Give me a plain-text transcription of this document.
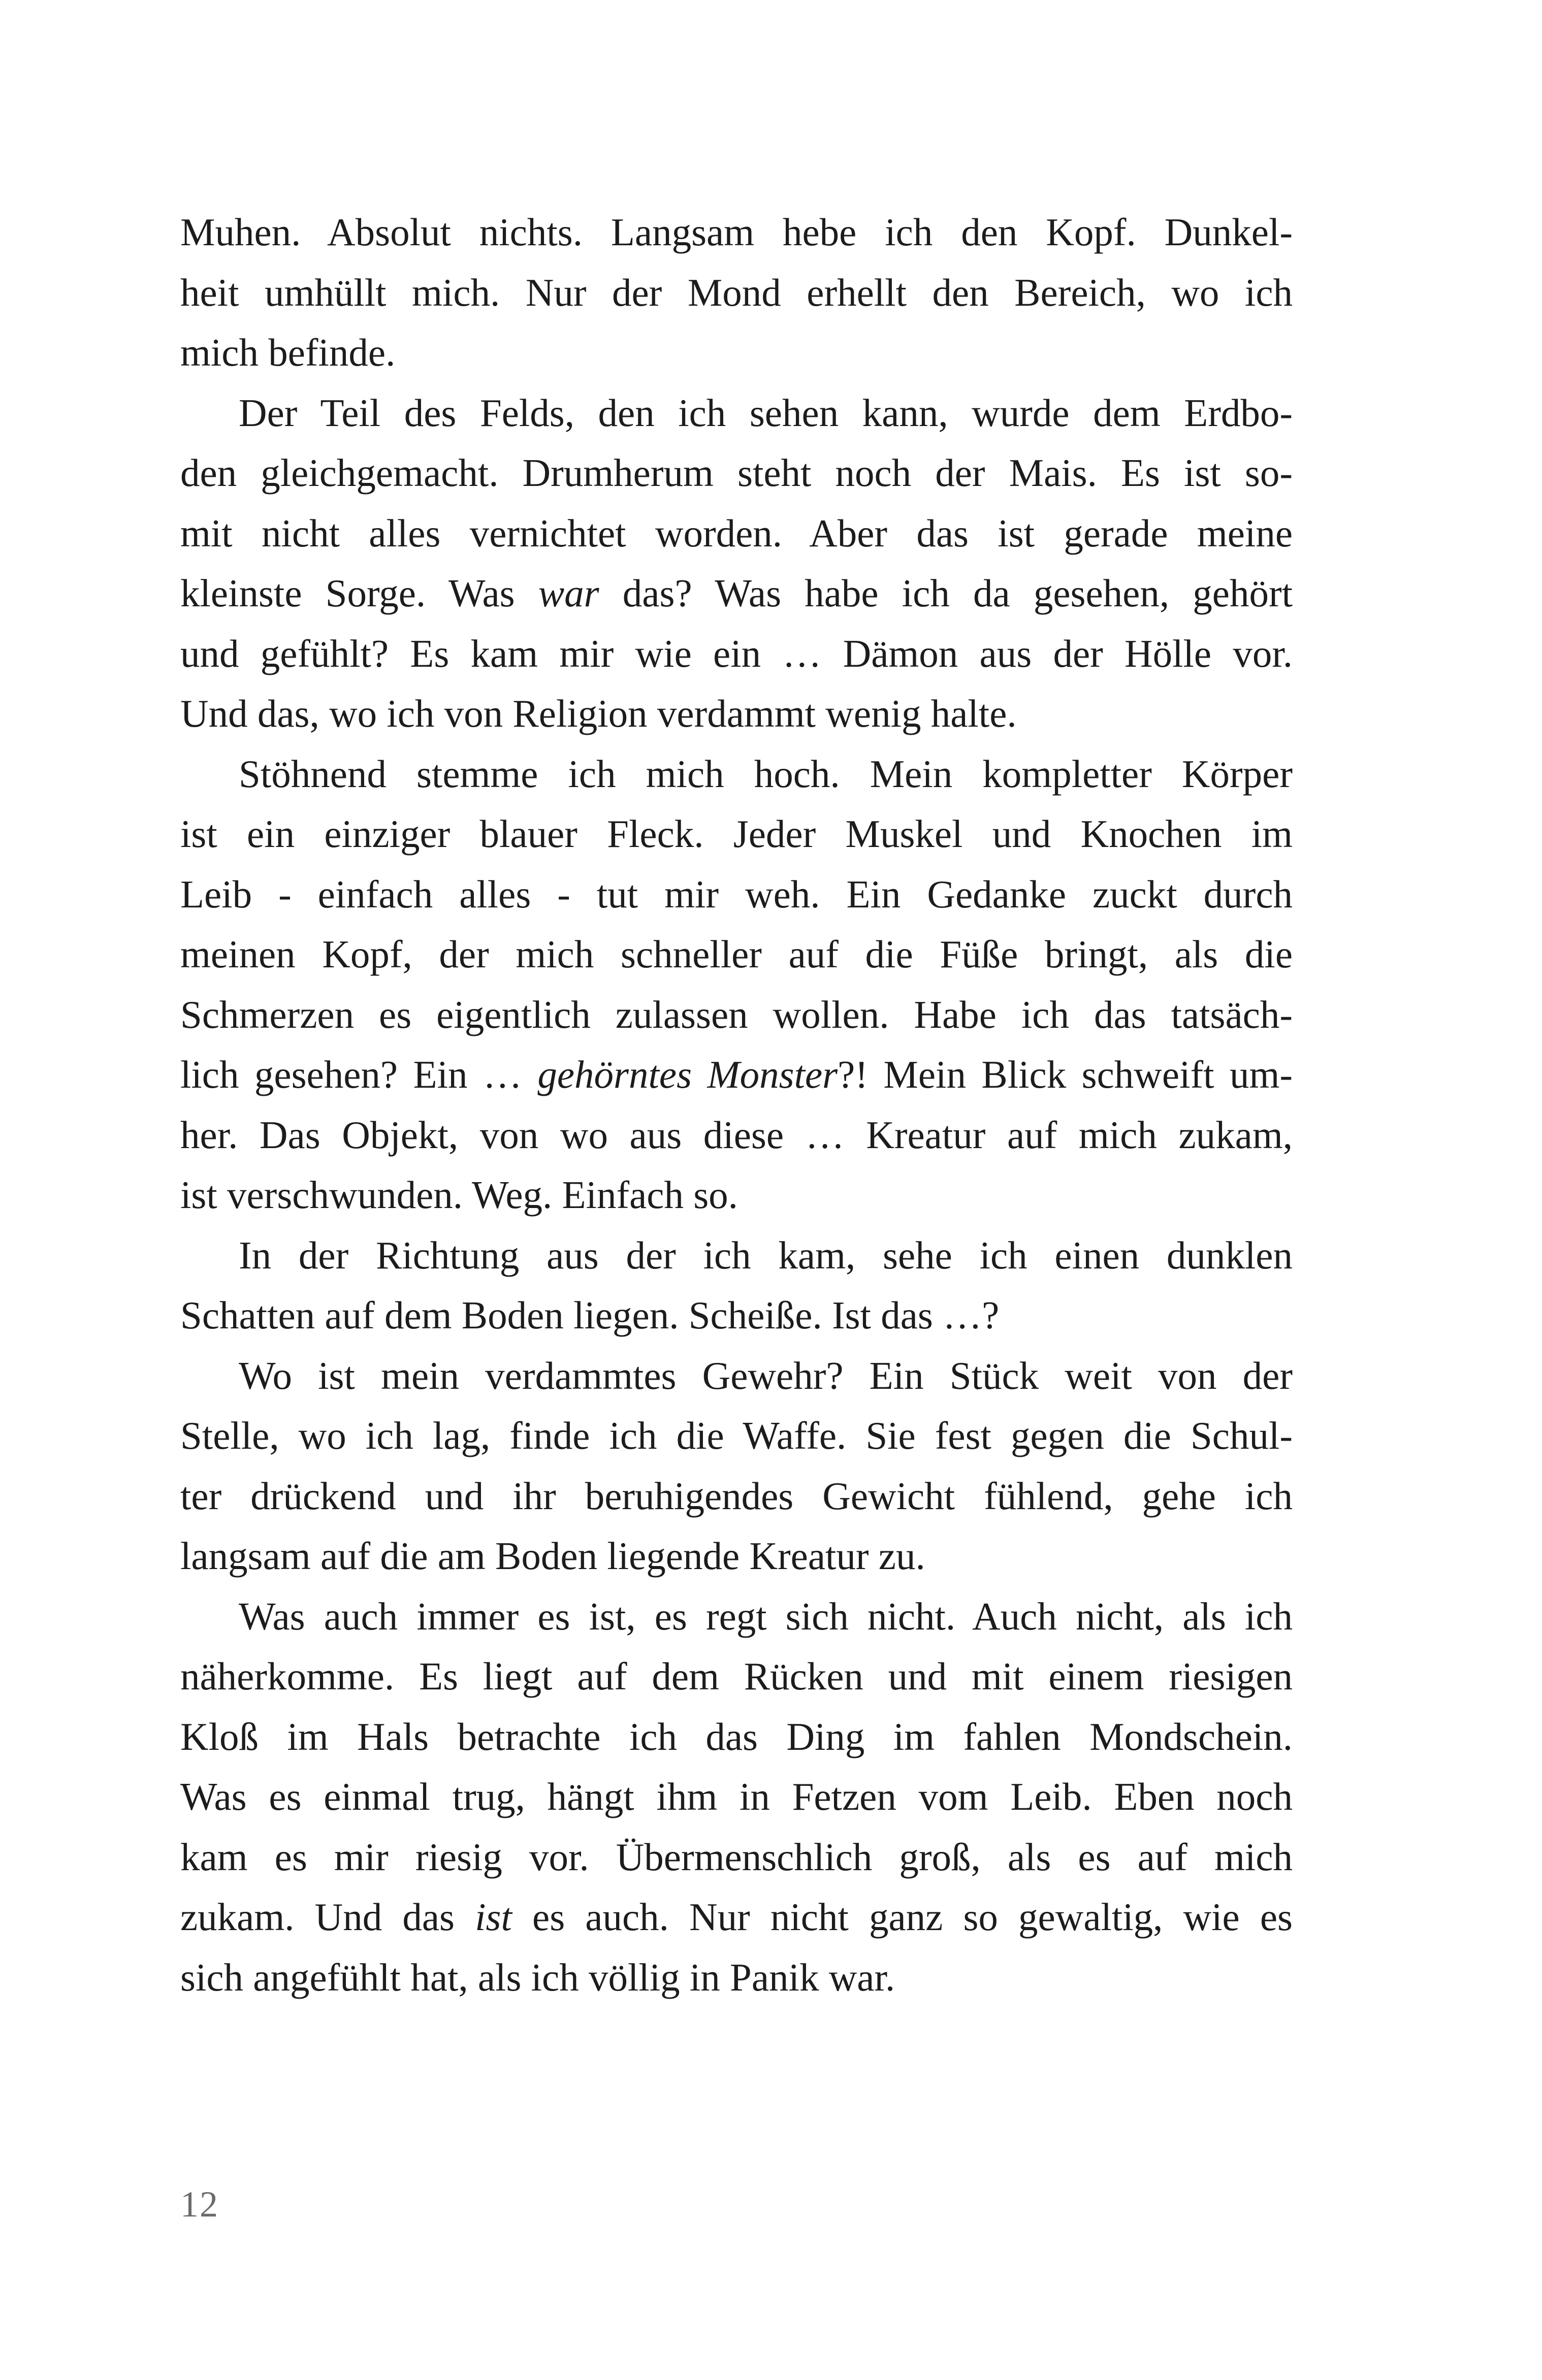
Muhen. Absolut nichts. Langsam hebe ich den Kopf. Dunkel-
heit umhüllt mich. Nur der Mond erhellt den Bereich, wo ich
mich befinde.
Der Teil des Felds, den ich sehen kann, wurde dem Erdbo-
den gleichgemacht. Drumherum steht noch der Mais. Es ist so-
mit nicht alles vernichtet worden. Aber das ist gerade meine
kleinste Sorge. Was war das? Was habe ich da gesehen, gehört
und gefühlt? Es kam mir wie ein … Dämon aus der Hölle vor.
Und das, wo ich von Religion verdammt wenig halte.
Stöhnend stemme ich mich hoch. Mein kompletter Körper
ist ein einziger blauer Fleck. Jeder Muskel und Knochen im
Leib - einfach alles - tut mir weh. Ein Gedanke zuckt durch
meinen Kopf, der mich schneller auf die Füße bringt, als die
Schmerzen es eigentlich zulassen wollen. Habe ich das tatsäch-
lich gesehen? Ein … gehörntes Monster?! Mein Blick schweift um-
her. Das Objekt, von wo aus diese … Kreatur auf mich zukam,
ist verschwunden. Weg. Einfach so.
In der Richtung aus der ich kam, sehe ich einen dunklen
Schatten auf dem Boden liegen. Scheiße. Ist das …?
Wo ist mein verdammtes Gewehr? Ein Stück weit von der
Stelle, wo ich lag, finde ich die Waffe. Sie fest gegen die Schul-
ter drückend und ihr beruhigendes Gewicht fühlend, gehe ich
langsam auf die am Boden liegende Kreatur zu.
Was auch immer es ist, es regt sich nicht. Auch nicht, als ich
näherkomme. Es liegt auf dem Rücken und mit einem riesigen
Kloß im Hals betrachte ich das Ding im fahlen Mondschein.
Was es einmal trug, hängt ihm in Fetzen vom Leib. Eben noch
kam es mir riesig vor. Übermenschlich groß, als es auf mich
zukam. Und das ist es auch. Nur nicht ganz so gewaltig, wie es
sich angefühlt hat, als ich völlig in Panik war.
12
